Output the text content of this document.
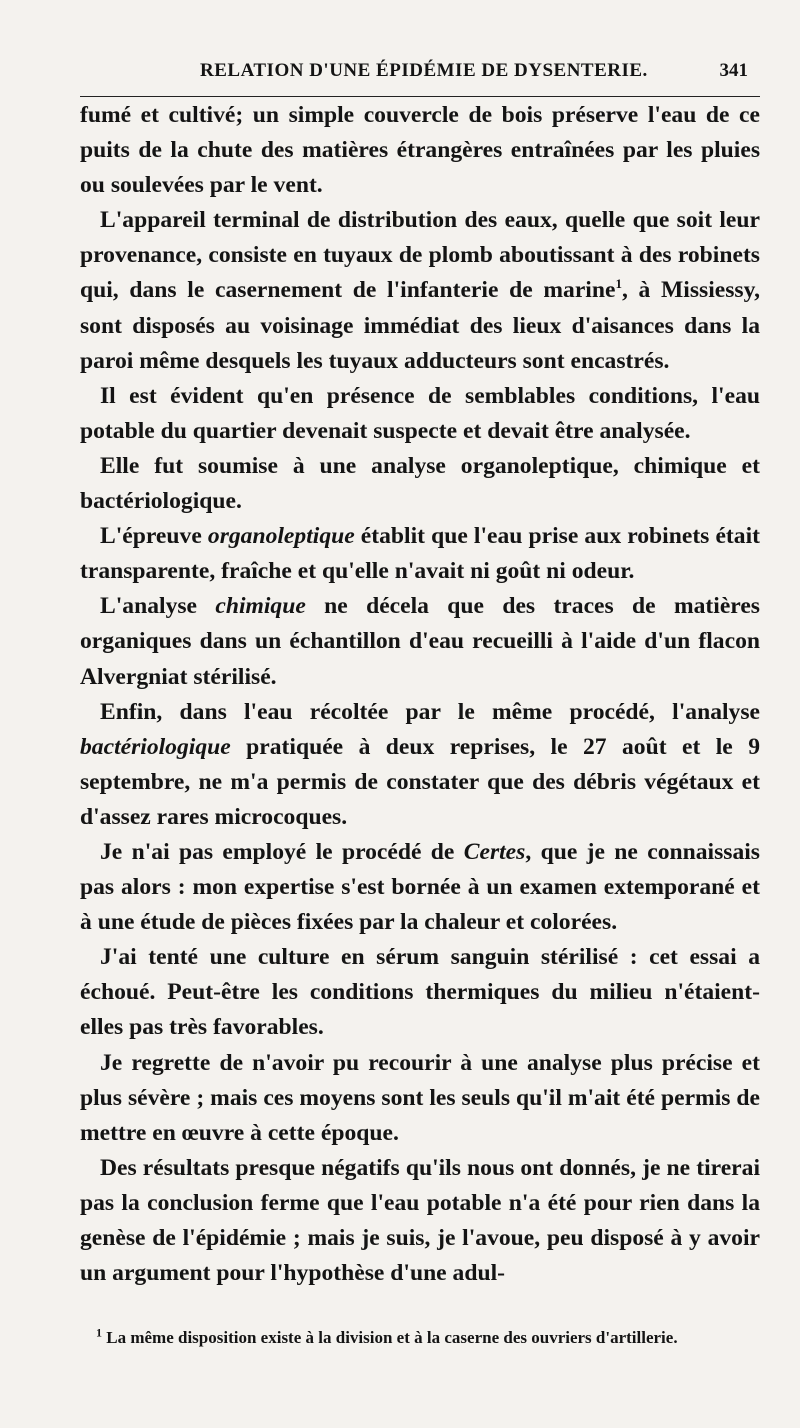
RELATION D'UNE ÉPIDÉMIE DE DYSENTERIE.	341

fumé et cultivé; un simple couvercle de bois préserve l'eau de ce puits de la chute des matières étrangères entraînées par les pluies ou soulevées par le vent.

L'appareil terminal de distribution des eaux, quelle que soit leur provenance, consiste en tuyaux de plomb aboutissant à des robinets qui, dans le casernement de l'infanterie de marine$^1$, à Missiessy, sont disposés au voisinage immédiat des lieux d'aisances dans la paroi même desquels les tuyaux adducteurs sont encastrés.

Il est évident qu'en présence de semblables conditions, l'eau potable du quartier devenait suspecte et devait être analysée.

Elle fut soumise à une analyse organoleptique, chimique et bactériologique.

L'épreuve organoleptique établit que l'eau prise aux robinets était transparente, fraîche et qu'elle n'avait ni goût ni odeur.

L'analyse chimique ne décela que des traces de matières organiques dans un échantillon d'eau recueilli à l'aide d'un flacon Alvergniat stérilisé.

Enfin, dans l'eau récoltée par le même procédé, l'analyse bactériologique pratiquée à deux reprises, le 27 août et le 9 septembre, ne m'a permis de constater que des débris végétaux et d'assez rares microcoques.

Je n'ai pas employé le procédé de Certes, que je ne connaissais pas alors : mon expertise s'est bornée à un examen extemporané et à une étude de pièces fixées par la chaleur et colorées.

J'ai tenté une culture en sérum sanguin stérilisé : cet essai a échoué. Peut-être les conditions thermiques du milieu n'étaient-elles pas très favorables.

Je regrette de n'avoir pu recourir à une analyse plus précise et plus sévère ; mais ces moyens sont les seuls qu'il m'ait été permis de mettre en œuvre à cette époque.

Des résultats presque négatifs qu'ils nous ont donnés, je ne tirerai pas la conclusion ferme que l'eau potable n'a été pour rien dans la genèse de l'épidémie ; mais je suis, je l'avoue, peu disposé à y avoir un argument pour l'hypothèse d'une adul-

$^1$ La même disposition existe à la division et à la caserne des ouvriers d'artillerie.
